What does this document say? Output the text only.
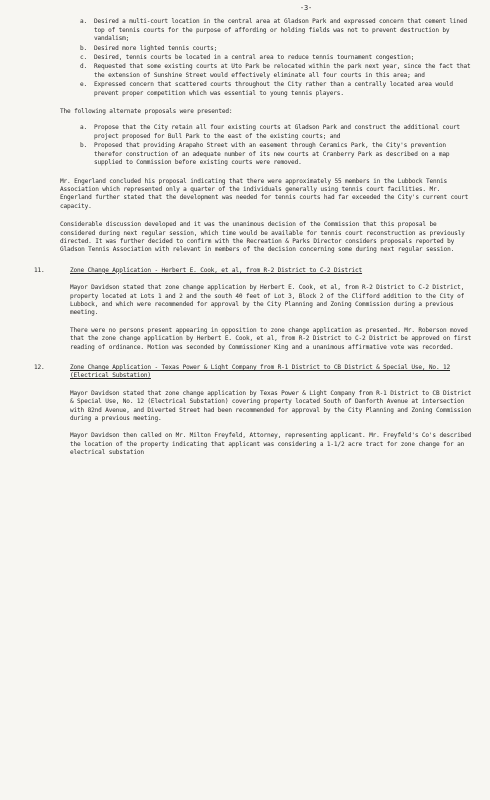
-3-
a.	Desired a multi-court location in the central area at Gladson Park and expressed concern that cement lined top of tennis courts for the purpose of affording or holding fields was not to prevent destruction by vandalism;
b.	Desired more lighted tennis courts;
c.	Desired, tennis courts be located in a central area to reduce tennis tournament congestion;
d.	Requested that some existing courts at Uto Park be relocated within the park next year, since the fact that the extension of Sunshine Street would effectively eliminate all four courts in this area; and
e.	Expressed concern that scattered courts throughout the City rather than a centrally located area would prevent proper competition which was essential to young tennis players.
The following alternate proposals were presented:
a.	Propose that the City retain all four existing courts at Gladson Park and construct the additional court project proposed for Bull Park to the east of the existing courts; and
b.	Proposed that providing Arapaho Street with an easement through Ceramics Park, the City's prevention therefor construction of an adequate number of its new courts at Cranberry Park as described on a map supplied to Commission before existing courts were removed.
Mr. Engerland concluded his proposal indicating that there were approximately 55 members in the Lubbock Tennis Association which represented only a quarter of the individuals generally using tennis court facilities. Mr. Engerland further stated that the development was needed for tennis courts had far exceeded the City's current court capacity.
Considerable discussion developed and it was the unanimous decision of the Commission that this proposal be considered during next regular session, which time would be available for tennis court reconstruction as previously directed. It was further decided to confirm with the Recreation & Parks Director considers proposals reported by Gladson Tennis Association with relevant in members of the decision concerning some during next regular session.
11.	Zone Change Application - Herbert E. Cook, et al, from R-2 District to C-2 District
Mayor Davidson stated that zone change application by Herbert E. Cook, et al, from R-2 District to C-2 District, property located at Lots 1 and 2 and the south 40 feet of Lot 3, Block 2 of the Clifford addition to the City of Lubbock, and which were recommended for approval by the City Planning and Zoning Commission during a previous meeting.
There were no persons present appearing in opposition to zone change application as presented. Mr. Roberson moved that the zone change application by Herbert E. Cook, et al, from R-2 District to C-2 District be approved on first reading of ordinance. Motion was seconded by Commissioner King and a unanimous affirmative vote was recorded.
12.	Zone Change Application - Texas Power & Light Company from R-1 District to CB District & Special Use, No. 12 (Electrical Substation)
Mayor Davidson stated that zone change application by Texas Power & Light Company from R-1 District to CB District & Special Use, No. 12 (Electrical Substation) covering property located South of Danforth Avenue at intersection with 82nd Avenue, and Diverted Street had been recommended for approval by the City Planning and Zoning Commission during a previous meeting.
Mayor Davidson then called on Mr. Milton Freyfeld, Attorney, representing applicant. Mr. Freyfeld's Co's described the location of the property indicating that applicant was considering a 1-1/2 acre tract for zone change for an electrical substation
